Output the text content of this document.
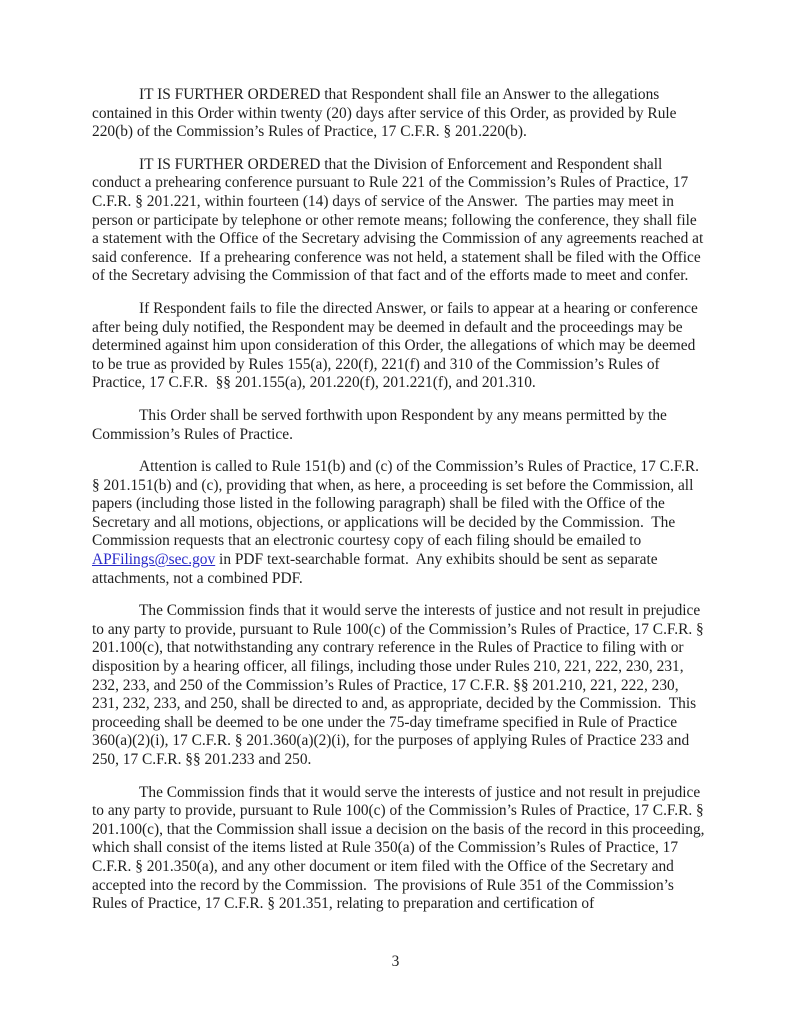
IT IS FURTHER ORDERED that Respondent shall file an Answer to the allegations contained in this Order within twenty (20) days after service of this Order, as provided by Rule 220(b) of the Commission’s Rules of Practice, 17 C.F.R. § 201.220(b).

IT IS FURTHER ORDERED that the Division of Enforcement and Respondent shall conduct a prehearing conference pursuant to Rule 221 of the Commission’s Rules of Practice, 17 C.F.R. § 201.221, within fourteen (14) days of service of the Answer.  The parties may meet in person or participate by telephone or other remote means; following the conference, they shall file a statement with the Office of the Secretary advising the Commission of any agreements reached at said conference.  If a prehearing conference was not held, a statement shall be filed with the Office of the Secretary advising the Commission of that fact and of the efforts made to meet and confer.

If Respondent fails to file the directed Answer, or fails to appear at a hearing or conference after being duly notified, the Respondent may be deemed in default and the proceedings may be determined against him upon consideration of this Order, the allegations of which may be deemed to be true as provided by Rules 155(a), 220(f), 221(f) and 310 of the Commission’s Rules of Practice, 17 C.F.R.  §§ 201.155(a), 201.220(f), 201.221(f), and 201.310.

This Order shall be served forthwith upon Respondent by any means permitted by the Commission’s Rules of Practice.

Attention is called to Rule 151(b) and (c) of the Commission’s Rules of Practice, 17 C.F.R. § 201.151(b) and (c), providing that when, as here, a proceeding is set before the Commission, all papers (including those listed in the following paragraph) shall be filed with the Office of the Secretary and all motions, objections, or applications will be decided by the Commission.  The Commission requests that an electronic courtesy copy of each filing should be emailed to APFilings@sec.gov in PDF text-searchable format.  Any exhibits should be sent as separate attachments, not a combined PDF.

The Commission finds that it would serve the interests of justice and not result in prejudice to any party to provide, pursuant to Rule 100(c) of the Commission’s Rules of Practice, 17 C.F.R. § 201.100(c), that notwithstanding any contrary reference in the Rules of Practice to filing with or disposition by a hearing officer, all filings, including those under Rules 210, 221, 222, 230, 231, 232, 233, and 250 of the Commission’s Rules of Practice, 17 C.F.R. §§ 201.210, 221, 222, 230, 231, 232, 233, and 250, shall be directed to and, as appropriate, decided by the Commission.  This proceeding shall be deemed to be one under the 75-day timeframe specified in Rule of Practice 360(a)(2)(i), 17 C.F.R. § 201.360(a)(2)(i), for the purposes of applying Rules of Practice 233 and 250, 17 C.F.R. §§ 201.233 and 250.

The Commission finds that it would serve the interests of justice and not result in prejudice to any party to provide, pursuant to Rule 100(c) of the Commission’s Rules of Practice, 17 C.F.R. § 201.100(c), that the Commission shall issue a decision on the basis of the record in this proceeding, which shall consist of the items listed at Rule 350(a) of the Commission’s Rules of Practice, 17 C.F.R. § 201.350(a), and any other document or item filed with the Office of the Secretary and accepted into the record by the Commission.  The provisions of Rule 351 of the Commission’s Rules of Practice, 17 C.F.R. § 201.351, relating to preparation and certification of

3
